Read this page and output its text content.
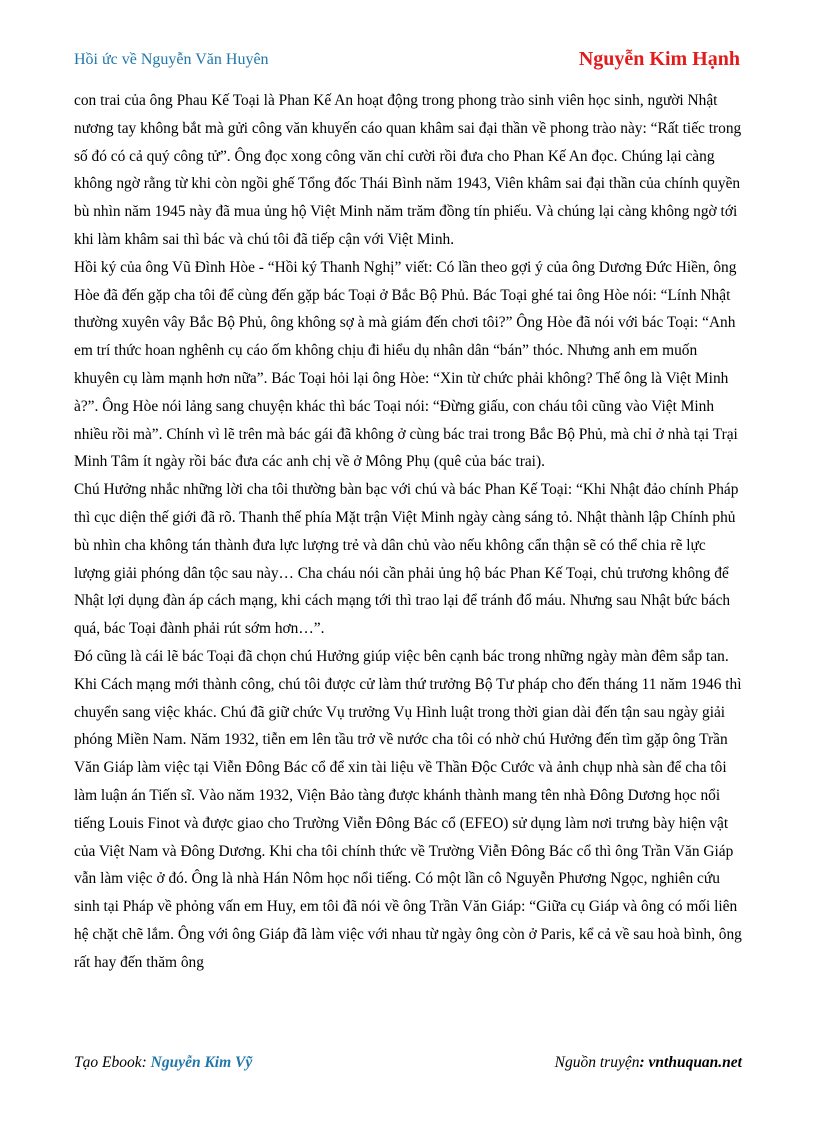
Hồi ức về Nguyễn Văn Huyên	Nguyễn Kim Hạnh

con trai của ông Phau Kế Toại là Phan Kế An hoạt động trong phong trào sinh viên học sinh, người Nhật nương tay không bắt mà gửi công văn khuyến cáo quan khâm sai đại thần về phong trào này: “Rất tiếc trong số đó có cả quý công tử”. Ông đọc xong công văn chỉ cười rồi đưa cho Phan Kế An đọc. Chúng lại càng không ngờ rằng từ khi còn ngồi ghế Tổng đốc Thái Bình năm 1943, Viên khâm sai đại thần của chính quyền bù nhìn năm 1945 này đã mua ủng hộ Việt Minh năm trăm đồng tín phiếu. Và chúng lại càng không ngờ tới khi làm khâm sai thì bác và chú tôi đã tiếp cận với Việt Minh.

Hồi ký của ông Vũ Đình Hòe - “Hồi ký Thanh Nghị” viết: Có lần theo gợi ý của ông Dương Đức Hiền, ông Hòe đã đến gặp cha tôi để cùng đến gặp bác Toại ở Bắc Bộ Phủ. Bác Toại ghé tai ông Hòe nói: “Lính Nhật thường xuyên vây Bắc Bộ Phủ, ông không sợ à mà giám đến chơi tôi?” Ông Hòe đã nói với bác Toại: “Anh em trí thức hoan nghênh cụ cáo ốm không chịu đi hiểu dụ nhân dân “bán” thóc. Nhưng anh em muốn khuyên cụ làm mạnh hơn nữa”. Bác Toại hỏi lại ông Hòe: “Xin từ chức phải không? Thế ông là Việt Minh à?”. Ông Hòe nói lảng sang chuyện khác thì bác Toại nói: “Đừng giấu, con cháu tôi cũng vào Việt Minh nhiều rồi mà”. Chính vì lẽ trên mà bác gái đã không ở cùng bác trai trong Bắc Bộ Phủ, mà chỉ ở nhà tại Trại Minh Tâm ít ngày rồi bác đưa các anh chị về ở Mông Phụ (quê của bác trai).

Chú Hưởng nhắc những lời cha tôi thường bàn bạc với chú và bác Phan Kế Toại: “Khi Nhật đảo chính Pháp thì cục diện thế giới đã rõ. Thanh thế phía Mặt trận Việt Minh ngày càng sáng tỏ. Nhật thành lập Chính phủ bù nhìn cha không tán thành đưa lực lượng trẻ và dân chủ vào nếu không cẩn thận sẽ có thể chia rẽ lực lượng giải phóng dân tộc sau này… Cha cháu nói cần phải ủng hộ bác Phan Kế Toại, chủ trương không để Nhật lợi dụng đàn áp cách mạng, khi cách mạng tới thì trao lại để tránh đổ máu. Nhưng sau Nhật bức bách quá, bác Toại đành phải rút sớm hơn…”.

Đó cũng là cái lẽ bác Toại đã chọn chú Hưởng giúp việc bên cạnh bác trong những ngày màn đêm sắp tan. Khi Cách mạng mới thành công, chú tôi được cử làm thứ trưởng Bộ Tư pháp cho đến tháng 11 năm 1946 thì chuyển sang việc khác. Chú đã giữ chức Vụ trưởng Vụ Hình luật trong thời gian dài đến tận sau ngày giải phóng Miền Nam. Năm 1932, tiễn em lên tầu trở về nước cha tôi có nhờ chú Hưởng đến tìm gặp ông Trần Văn Giáp làm việc tại Viễn Đông Bác cổ để xin tài liệu về Thần Độc Cước và ảnh chụp nhà sàn để cha tôi làm luận án Tiến sĩ. Vào năm 1932, Viện Bảo tàng được khánh thành mang tên nhà Đông Dương học nổi tiếng Louis Finot và được giao cho Trường Viễn Đông Bác cổ (EFEO) sử dụng làm nơi trưng bày hiện vật của Việt Nam và Đông Dương. Khi cha tôi chính thức về Trường Viễn Đông Bác cổ thì ông Trần Văn Giáp vẫn làm việc ở đó. Ông là nhà Hán Nôm học nổi tiếng. Có một lần cô Nguyễn Phương Ngọc, nghiên cứu sinh tại Pháp về phỏng vấn em Huy, em tôi đã nói về ông Trần Văn Giáp: “Giữa cụ Giáp và ông có mối liên hệ chặt chẽ lắm. Ông với ông Giáp đã làm việc với nhau từ ngày ông còn ở Paris, kể cả về sau hoà bình, ông rất hay đến thăm ông

Tạo Ebook: Nguyễn Kim Vỹ	Nguồn truyện: vnthuquan.net
